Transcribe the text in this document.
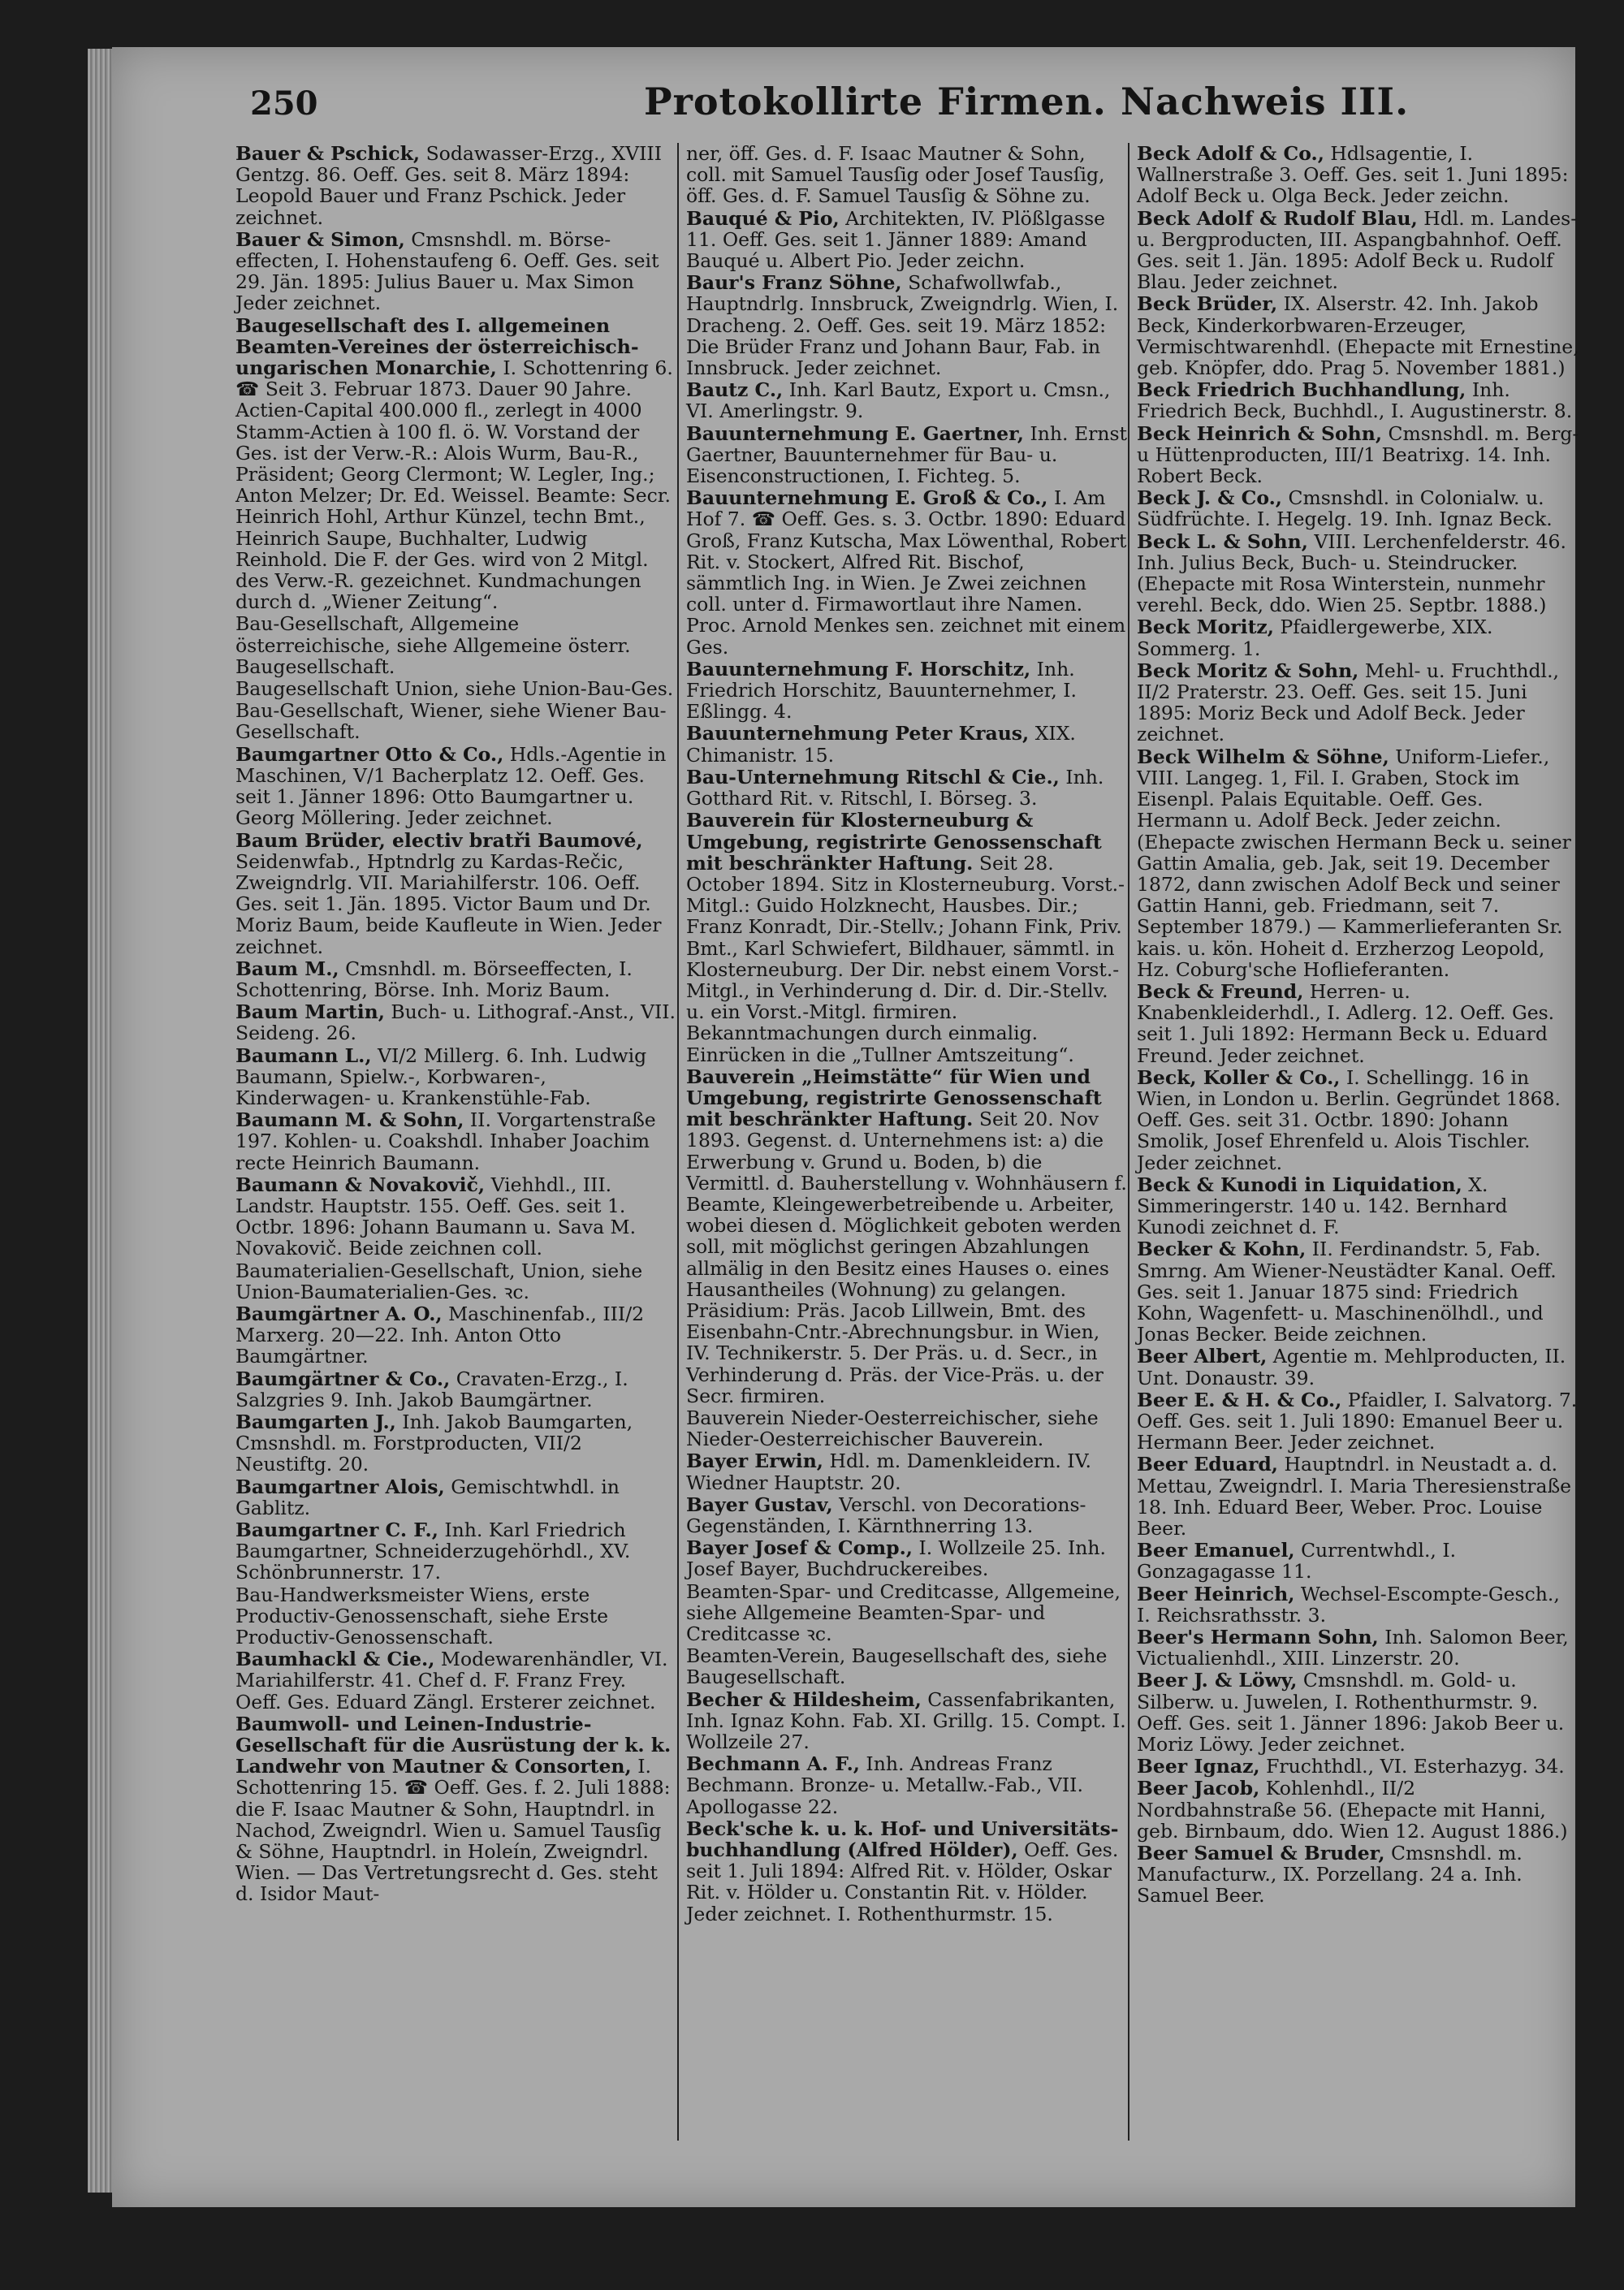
250	Protokollirte Firmen. Nachweis III.
Bauer & Pschick, Sodawasser-Erzg., XVIII Gentzg. 86. Oeff. Ges. seit 8. März 1894: Leopold Bauer und Franz Pschick. Jeder zeichnet.
Bauer & Simon, Cmsnshdl. m. Börse-effecten, I. Hohenstaufeng 6. Oeff. Ges. seit 29. Jän. 1895: Julius Bauer u. Max Simon Jeder zeichnet.
Baugesellschaft des I. allgemeinen Beamten-Vereines der österreichisch-ungarischen Monarchie, I. Schottenring 6. ☎ Seit 3. Februar 1873. Dauer 90 Jahre. Actien-Capital 400.000 fl., zerlegt in 4000 Stamm-Actien à 100 fl. ö. W. Vorstand der Ges. ist der Verw.-R.: Alois Wurm, Bau-R., Präsident; Georg Clermont; W. Legler, Ing.; Anton Melzer; Dr. Ed. Weissel. Beamte: Secr. Heinrich Hohl, Arthur Künzel, techn Bmt., Heinrich Saupe, Buchhalter, Ludwig Reinhold. Die F. der Ges. wird von 2 Mitgl. des Verw.-R. gezeichnet. Kundmachungen durch d. „Wiener Zeitung“.
Bau-Gesellschaft, Allgemeine österreichische, siehe Allgemeine österr. Baugesellschaft.
Baugesellschaft Union, siehe Union-Bau-Ges.
Bau-Gesellschaft, Wiener, siehe Wiener Bau-Gesellschaft.
Baumgartner Otto & Co., Hdls.-Agentie in Maschinen, V/1 Bacherplatz 12. Oeff. Ges. seit 1. Jänner 1896: Otto Baumgartner u. Georg Möllering. Jeder zeichnet.
Baum Brüder, electiv bratři Baumové, Seidenwfab., Hptndrlg zu Kardas-Rečic, Zweigndrlg. VII. Mariahilferstr. 106. Oeff. Ges. seit 1. Jän. 1895. Victor Baum und Dr. Moriz Baum, beide Kaufleute in Wien. Jeder zeichnet.
Baum M., Cmsnhdl. m. Börseeffecten, I. Schottenring, Börse. Inh. Moriz Baum.
Baum Martin, Buch- u. Lithograf.-Anst., VII. Seideng. 26.
Baumann L., VI/2 Millerg. 6. Inh. Ludwig Baumann, Spielw.-, Korbwaren-, Kinderwagen- u. Krankenstühle-Fab.
Baumann M. & Sohn, II. Vorgartenstraße 197. Kohlen- u. Coakshdl. Inhaber Joachim recte Heinrich Baumann.
Baumann & Novakovič, Viehhdl., III. Landstr. Hauptstr. 155. Oeff. Ges. seit 1. Octbr. 1896: Johann Baumann u. Sava M. Novakovič. Beide zeichnen coll.
Baumaterialien-Gesellschaft, Union, siehe Union-Baumaterialien-Ges. ꝛc.
Baumgärtner A. O., Maschinenfab., III/2 Marxerg. 20—22. Inh. Anton Otto Baumgärtner.
Baumgärtner & Co., Cravaten-Erzg., I. Salzgries 9. Inh. Jakob Baumgärtner.
Baumgarten J., Inh. Jakob Baumgarten, Cmsnshdl. m. Forstproducten, VII/2 Neustiftg. 20.
Baumgartner Alois, Gemischtwhdl. in Gablitz.
Baumgartner C. F., Inh. Karl Friedrich Baumgartner, Schneiderzugehörhdl., XV. Schönbrunnerstr. 17.
Bau-Handwerksmeister Wiens, erste Productiv-Genossenschaft, siehe Erste Productiv-Genossenschaft.
Baumhackl & Cie., Modewarenhändler, VI. Mariahilferstr. 41. Chef d. F. Franz Frey. Oeff. Ges. Eduard Zängl. Ersterer zeichnet.
Baumwoll- und Leinen-Industrie-Gesellschaft für die Ausrüstung der k. k. Landwehr von Mautner & Consorten, I. Schottenring 15. ☎ Oeff. Ges. f. 2. Juli 1888: die F. Isaac Mautner & Sohn, Hauptndrl. in Nachod, Zweigndrl. Wien u. Samuel Tausſig & Söhne, Hauptndrl. in Holeín, Zweigndrl. Wien. — Das Vertretungsrecht d. Ges. steht d. Isidor Maut-
ner, öff. Ges. d. F. Isaac Mautner & Sohn, coll. mit Samuel Tausſig oder Josef Tausſig, öff. Ges. d. F. Samuel Tausſig & Söhne zu.
Bauqué & Pio, Architekten, IV. Plößlgasse 11. Oeff. Ges. seit 1. Jänner 1889: Amand Bauqué u. Albert Pio. Jeder zeichn.
Baur's Franz Söhne, Schafwollwfab., Hauptndrlg. Innsbruck, Zweigndrlg. Wien, I. Dracheng. 2. Oeff. Ges. seit 19. März 1852: Die Brüder Franz und Johann Baur, Fab. in Innsbruck. Jeder zeichnet.
Bautz C., Inh. Karl Bautz, Export u. Cmsn., VI. Amerlingstr. 9.
Bauunternehmung E. Gaertner, Inh. Ernst Gaertner, Bauunternehmer für Bau- u. Eisenconstructionen, I. Fichteg. 5.
Bauunternehmung E. Groß & Co., I. Am Hof 7. ☎ Oeff. Ges. s. 3. Octbr. 1890: Eduard Groß, Franz Kutscha, Max Löwenthal, Robert Rit. v. Stockert, Alfred Rit. Bischof, sämmtlich Ing. in Wien. Je Zwei zeichnen coll. unter d. Firmawortlaut ihre Namen. Proc. Arnold Menkes sen. zeichnet mit einem Ges.
Bauunternehmung F. Horschitz, Inh. Friedrich Horschitz, Bauunternehmer, I. Eßlingg. 4.
Bauunternehmung Peter Kraus, XIX. Chimanistr. 15.
Bau-Unternehmung Ritschl & Cie., Inh. Gotthard Rit. v. Ritschl, I. Börseg. 3.
Bauverein für Klosterneuburg & Umgebung, registrirte Genossenschaft mit beschränkter Haftung. Seit 28. October 1894. Sitz in Klosterneuburg. Vorst.-Mitgl.: Guido Holzknecht, Hausbes. Dir.; Franz Konradt, Dir.-Stellv.; Johann Fink, Priv. Bmt., Karl Schwiefert, Bildhauer, sämmtl. in Klosterneuburg. Der Dir. nebst einem Vorst.-Mitgl., in Verhinderung d. Dir. d. Dir.-Stellv. u. ein Vorst.-Mitgl. firmiren. Bekanntmachungen durch einmalig. Einrücken in die „Tullner Amtszeitung“.
Bauverein „Heimstätte“ für Wien und Umgebung, registrirte Genossenschaft mit beschränkter Haftung. Seit 20. Nov 1893. Gegenst. d. Unternehmens ist: a) die Erwerbung v. Grund u. Boden, b) die Vermittl. d. Bauherstellung v. Wohnhäusern f. Beamte, Kleingewerbetreibende u. Arbeiter, wobei diesen d. Möglichkeit geboten werden soll, mit möglichst geringen Abzahlungen allmälig in den Besitz eines Hauses o. eines Hausantheiles (Wohnung) zu gelangen. Präsidium: Präs. Jacob Lillwein, Bmt. des Eisenbahn-Cntr.-Abrechnungsbur. in Wien, IV. Technikerstr. 5. Der Präs. u. d. Secr., in Verhinderung d. Präs. der Vice-Präs. u. der Secr. firmiren.
Bauverein Nieder-Oesterreichischer, siehe Nieder-Oesterreichischer Bauverein.
Bayer Erwin, Hdl. m. Damenkleidern. IV. Wiedner Hauptstr. 20.
Bayer Gustav, Verschl. von Decorations-Gegenständen, I. Kärnthnerring 13.
Bayer Josef & Comp., I. Wollzeile 25. Inh. Josef Bayer, Buchdruckereibes.
Beamten-Spar- und Creditcasse, Allgemeine, siehe Allgemeine Beamten-Spar- und Creditcasse ꝛc.
Beamten-Verein, Baugesellschaft des, siehe Baugesellschaft.
Becher & Hildesheim, Cassenfabrikanten, Inh. Ignaz Kohn. Fab. XI. Grillg. 15. Compt. I. Wollzeile 27.
Bechmann A. F., Inh. Andreas Franz Bechmann. Bronze- u. Metallw.-Fab., VII. Apollogasse 22.
Beck'sche k. u. k. Hof- und Universitäts-buchhandlung (Alfred Hölder), Oeff. Ges. seit 1. Juli 1894: Alfred Rit. v. Hölder, Oskar Rit. v. Hölder u. Constantin Rit. v. Hölder. Jeder zeichnet. I. Rothenthurmstr. 15.
Beck Adolf & Co., Hdlsagentie, I. Wallnerstraße 3. Oeff. Ges. seit 1. Juni 1895: Adolf Beck u. Olga Beck. Jeder zeichn.
Beck Adolf & Rudolf Blau, Hdl. m. Landes- u. Bergproducten, III. Aspangbahnhof. Oeff. Ges. seit 1. Jän. 1895: Adolf Beck u. Rudolf Blau. Jeder zeichnet.
Beck Brüder, IX. Alserstr. 42. Inh. Jakob Beck, Kinderkorbwaren-Erzeuger, Vermischtwarenhdl. (Ehepacte mit Ernestine, geb. Knöpfer, ddo. Prag 5. November 1881.)
Beck Friedrich Buchhandlung, Inh. Friedrich Beck, Buchhdl., I. Augustinerstr. 8.
Beck Heinrich & Sohn, Cmsnshdl. m. Berg- u Hüttenproducten, III/1 Beatrixg. 14. Inh. Robert Beck.
Beck J. & Co., Cmsnshdl. in Colonialw. u. Südfrüchte. I. Hegelg. 19. Inh. Ignaz Beck.
Beck L. & Sohn, VIII. Lerchenfelderstr. 46. Inh. Julius Beck, Buch- u. Steindrucker. (Ehepacte mit Rosa Winterstein, nunmehr verehl. Beck, ddo. Wien 25. Septbr. 1888.)
Beck Moritz, Pfaidlergewerbe, XIX. Sommerg. 1.
Beck Moritz & Sohn, Mehl- u. Fruchthdl., II/2 Praterstr. 23. Oeff. Ges. seit 15. Juni 1895: Moriz Beck und Adolf Beck. Jeder zeichnet.
Beck Wilhelm & Söhne, Uniform-Liefer., VIII. Langeg. 1, Fil. I. Graben, Stock im Eisenpl. Palais Equitable. Oeff. Ges. Hermann u. Adolf Beck. Jeder zeichn. (Ehepacte zwischen Hermann Beck u. seiner Gattin Amalia, geb. Jak, seit 19. December 1872, dann zwischen Adolf Beck und seiner Gattin Hanni, geb. Friedmann, seit 7. September 1879.) — Kammerlieferanten Sr. kais. u. kön. Hoheit d. Erzherzog Leopold, Hz. Coburg'sche Hoflieferanten.
Beck & Freund, Herren- u. Knabenkleiderhdl., I. Adlerg. 12. Oeff. Ges. seit 1. Juli 1892: Hermann Beck u. Eduard Freund. Jeder zeichnet.
Beck, Koller & Co., I. Schellingg. 16 in Wien, in London u. Berlin. Gegründet 1868. Oeff. Ges. seit 31. Octbr. 1890: Johann Smolik, Josef Ehrenfeld u. Alois Tischler. Jeder zeichnet.
Beck & Kunodi in Liquidation, X. Simmeringerstr. 140 u. 142. Bernhard Kunodi zeichnet d. F.
Becker & Kohn, II. Ferdinandstr. 5, Fab. Smrng. Am Wiener-Neustädter Kanal. Oeff. Ges. seit 1. Januar 1875 sind: Friedrich Kohn, Wagenfett- u. Maschinenölhdl., und Jonas Becker. Beide zeichnen.
Beer Albert, Agentie m. Mehlproducten, II. Unt. Donaustr. 39.
Beer E. & H. & Co., Pfaidler, I. Salvatorg. 7. Oeff. Ges. seit 1. Juli 1890: Emanuel Beer u. Hermann Beer. Jeder zeichnet.
Beer Eduard, Hauptndrl. in Neustadt a. d. Mettau, Zweigndrl. I. Maria Theresienstraße 18. Inh. Eduard Beer, Weber. Proc. Louise Beer.
Beer Emanuel, Currentwhdl., I. Gonzagagasse 11.
Beer Heinrich, Wechsel-Escompte-Gesch., I. Reichsrathsstr. 3.
Beer's Hermann Sohn, Inh. Salomon Beer, Victualienhdl., XIII. Linzerstr. 20.
Beer J. & Löwy, Cmsnshdl. m. Gold- u. Silberw. u. Juwelen, I. Rothenthurmstr. 9. Oeff. Ges. seit 1. Jänner 1896: Jakob Beer u. Moriz Löwy. Jeder zeichnet.
Beer Ignaz, Fruchthdl., VI. Esterhazyg. 34.
Beer Jacob, Kohlenhdl., II/2 Nordbahnstraße 56. (Ehepacte mit Hanni, geb. Birnbaum, ddo. Wien 12. August 1886.)
Beer Samuel & Bruder, Cmsnshdl. m. Manufacturw., IX. Porzellang. 24 a. Inh. Samuel Beer.
